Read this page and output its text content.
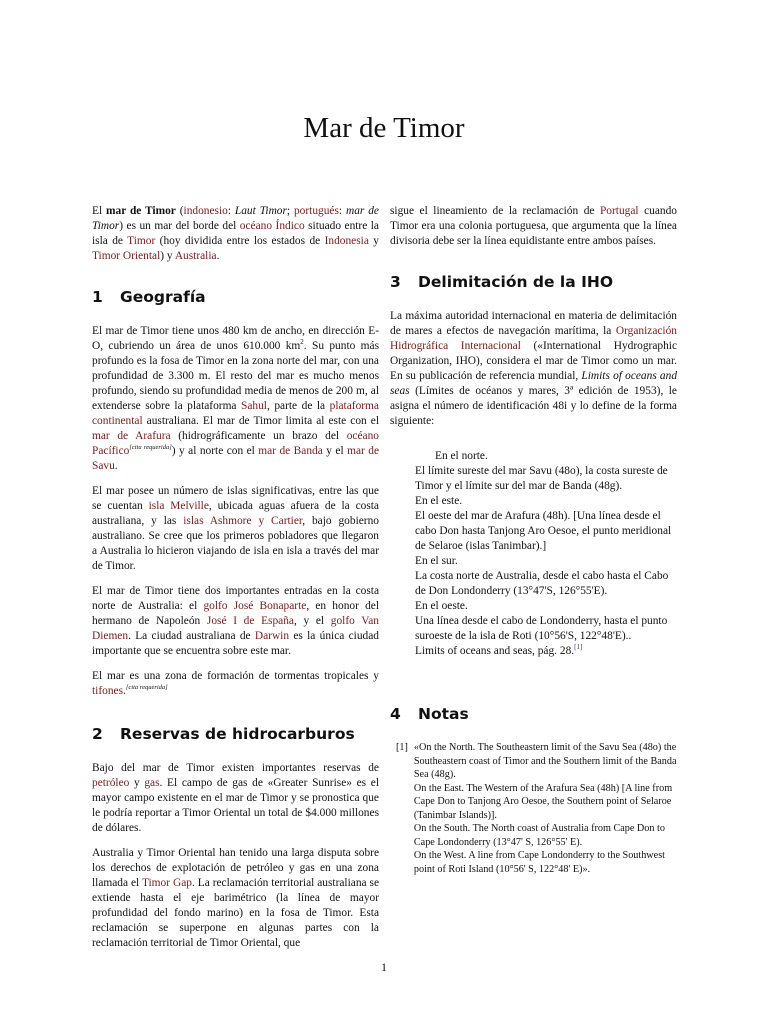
Mar de Timor

El mar de Timor (indonesio: Laut Timor; portugués: mar de Timor) es un mar del borde del océano Índico situado entre la isla de Timor (hoy dividida entre los estados de Indonesia y Timor Oriental) y Australia.

1 Geografía

El mar de Timor tiene unos 480 km de ancho, en dirección E-O, cubriendo un área de unos 610.000 $km^2$. Su punto más profundo es la fosa de Timor en la zona norte del mar, con una profundidad de 3.300 m. El resto del mar es mucho menos profundo, siendo su profundidad media de menos de 200 m, al extenderse sobre la plataforma Sahul, parte de la plataforma continental australiana. El mar de Timor limita al este con el mar de Arafura (hidrográficamente un brazo del océano Pacífico[cita requerida]) y al norte con el mar de Banda y el mar de Savu.

El mar posee un número de islas significativas, entre las que se cuentan isla Melville, ubicada aguas afuera de la costa australiana, y las islas Ashmore y Cartier, bajo gobierno australiano. Se cree que los primeros pobladores que llegaron a Australia lo hicieron viajando de isla en isla a través del mar de Timor.

El mar de Timor tiene dos importantes entradas en la costa norte de Australia: el golfo José Bonaparte, en honor del hermano de Napoleón José I de España, y el golfo Van Diemen. La ciudad australiana de Darwin es la única ciudad importante que se encuentra sobre este mar.

El mar es una zona de formación de tormentas tropicales y tifones.[cita requerida]

2 Reservas de hidrocarburos

Bajo del mar de Timor existen importantes reservas de petróleo y gas. El campo de gas de «Greater Sunrise» es el mayor campo existente en el mar de Timor y se pronostica que le podría reportar a Timor Oriental un total de $4.000 millones de dólares.

Australia y Timor Oriental han tenido una larga disputa sobre los derechos de explotación de petróleo y gas en una zona llamada el Timor Gap. La reclamación territorial australiana se extiende hasta el eje barimétrico (la línea de mayor profundidad del fondo marino) en la fosa de Timor. Esta reclamación se superpone en algunas partes con la reclamación territorial de Timor Oriental, que

sigue el lineamiento de la reclamación de Portugal cuando Timor era una colonia portuguesa, que argumenta que la línea divisoria debe ser la línea equidistante entre ambos países.

3 Delimitación de la IHO

La máxima autoridad internacional en materia de delimitación de mares a efectos de navegación marítima, la Organización Hidrográfica Internacional («International Hydrographic Organization, IHO), considera el mar de Timor como un mar. En su publicación de referencia mundial, Limits of oceans and seas (Límites de océanos y mares, 3ª edición de 1953), le asigna el número de identificación 48i y lo define de la forma siguiente:

En el norte.
El límite sureste del mar Savu (48o), la costa sureste de Timor y el límite sur del mar de Banda (48g).
En el este.
El oeste del mar de Arafura (48h). [Una línea desde el cabo Don hasta Tanjong Aro Oesoe, el punto meridional de Selaroe (islas Tanimbar).]
En el sur.
La costa norte de Australia, desde el cabo hasta el Cabo de Don Londonderry (13°47'S, 126°55'E).
En el oeste.
Una línea desde el cabo de Londonderry, hasta el punto suroeste de la isla de Roti (10°56'S, 122°48'E)..
Limits of oceans and seas, pág. 28.[1]
4 Notas
[1] «On the North. The Southeastern limit of the Savu Sea (48o) the Southeastern coast of Timor and the Southern limit of the Banda Sea (48g).
On the East. The Western of the Arafura Sea (48h) [A line from Cape Don to Tanjong Aro Oesoe, the Southern point of Selaroe (Tanimbar Islands)].
On the South. The North coast of Australia from Cape Don to Cape Londonderry (13°47' S, 126°55' E).
On the West. A line from Cape Londonderry to the Southwest point of Roti Island (10°56' S, 122°48' E)».
1
